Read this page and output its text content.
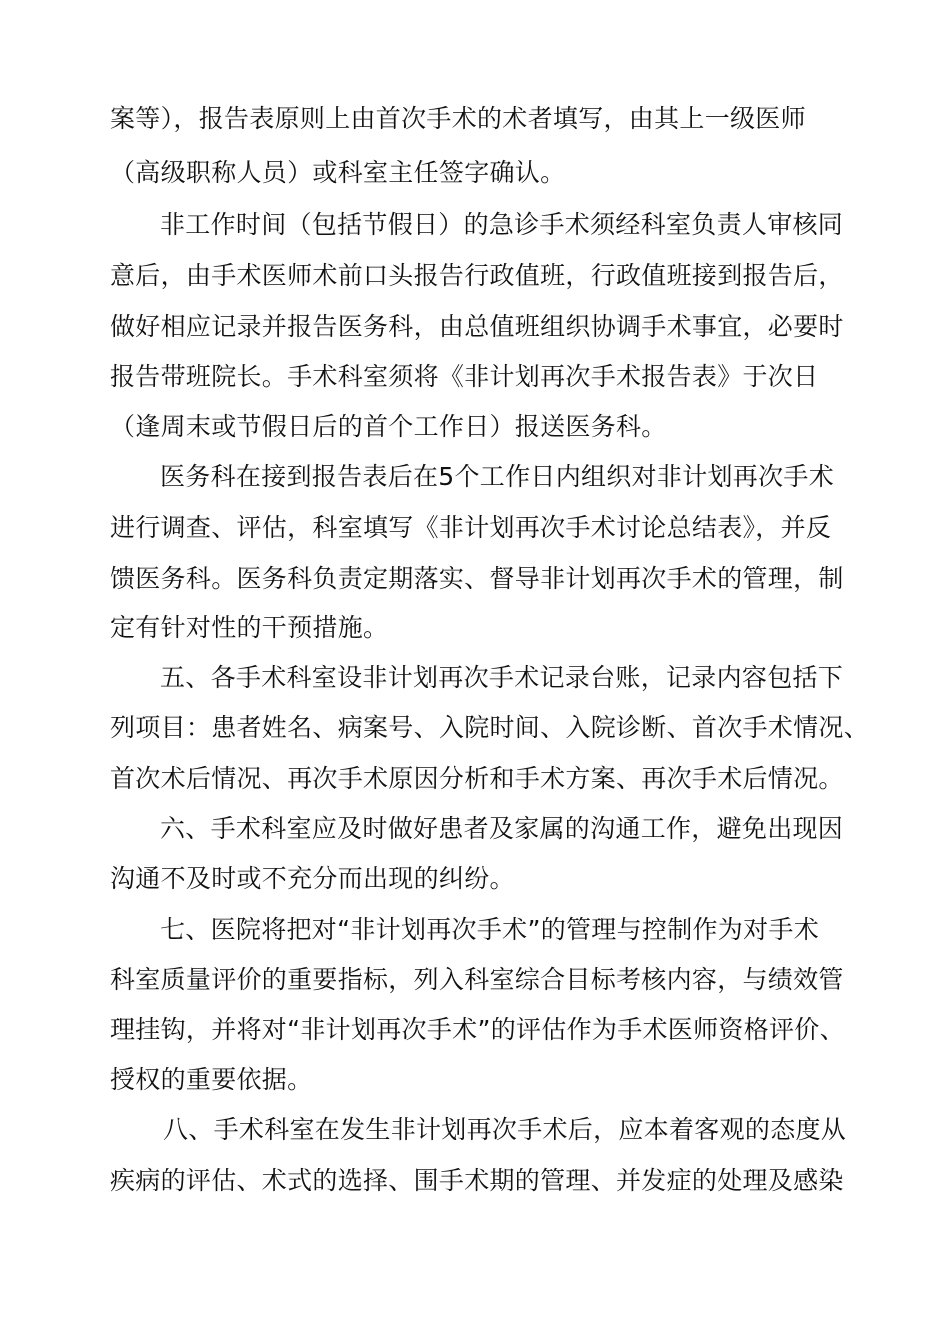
案等），报告表原则上由首次手术的术者填写，由其上一级医师
（高级职称人员）或科室主任签字确认。
非工作时间（包括节假日）的急诊手术须经科室负责人审核同
意后，由手术医师术前口头报告行政值班，行政值班接到报告后，
做好相应记录并报告医务科，由总值班组织协调手术事宜，必要时
报告带班院长。手术科室须将《非计划再次手术报告表》于次日
（逢周末或节假日后的首个工作日）报送医务科。
医务科在接到报告表后在5个工作日内组织对非计划再次手术
进行调查、评估，科室填写《非计划再次手术讨论总结表》，并反
馈医务科。医务科负责定期落实、督导非计划再次手术的管理，制
定有针对性的干预措施。
五、各手术科室设非计划再次手术记录台账，记录内容包括下
列项目：患者姓名、病案号、入院时间、入院诊断、首次手术情况、
首次术后情况、再次手术原因分析和手术方案、再次手术后情况。
六、手术科室应及时做好患者及家属的沟通工作，避免出现因
沟通不及时或不充分而出现的纠纷。
七、医院将把对“非计划再次手术”的管理与控制作为对手术
科室质量评价的重要指标，列入科室综合目标考核内容，与绩效管
理挂钩，并将对“非计划再次手术”的评估作为手术医师资格评价、
授权的重要依据。
八、手术科室在发生非计划再次手术后，应本着客观的态度从
疾病的评估、术式的选择、围手术期的管理、并发症的处理及感染
